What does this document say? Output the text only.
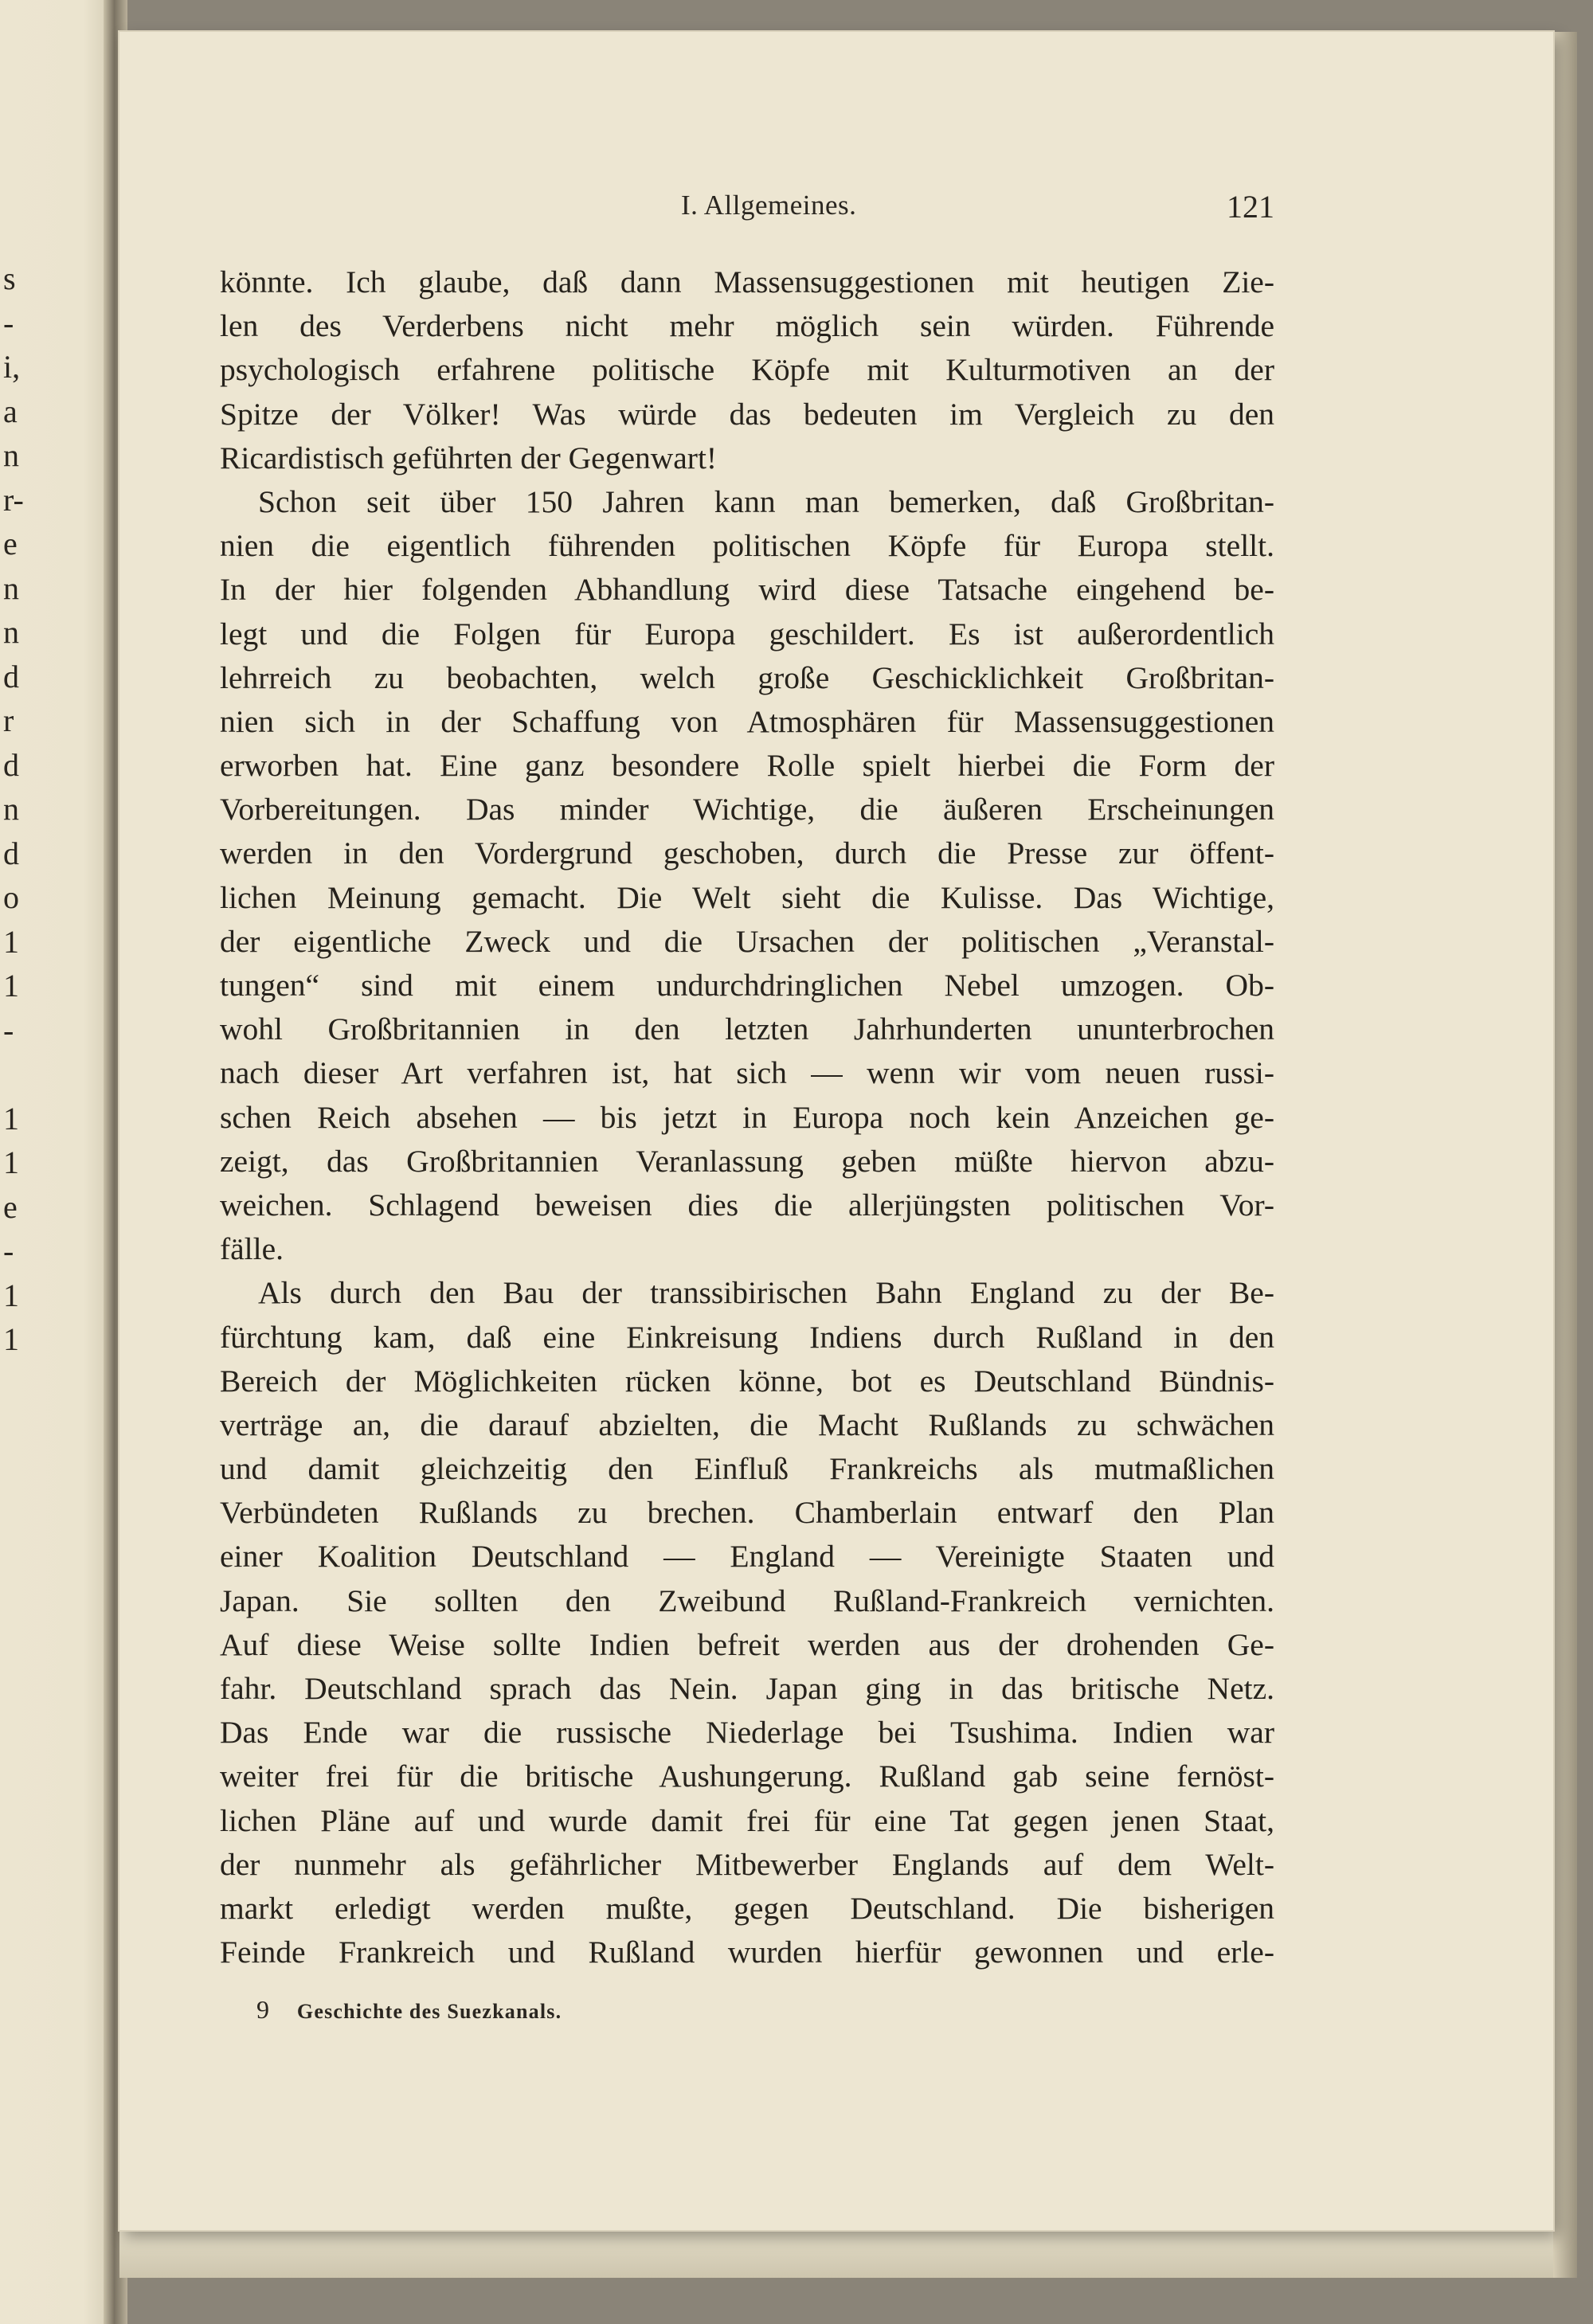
s
-
i,
a
n
r-
e
n
n
d
r
d
n
d
o
1
1
-
1
1
e
-
1
1
I. Allgemeines.	121
könnte. Ich glaube, daß dann Massensuggestionen mit heutigen Zie-
len des Verderbens nicht mehr möglich sein würden. Führende
psychologisch erfahrene politische Köpfe mit Kulturmotiven an der
Spitze der Völker! Was würde das bedeuten im Vergleich zu den
Ricardistisch geführten der Gegenwart!
Schon seit über 150 Jahren kann man bemerken, daß Großbritan-
nien die eigentlich führenden politischen Köpfe für Europa stellt.
In der hier folgenden Abhandlung wird diese Tatsache eingehend be-
legt und die Folgen für Europa geschildert. Es ist außerordentlich
lehrreich zu beobachten, welch große Geschicklichkeit Großbritan-
nien sich in der Schaffung von Atmosphären für Massensuggestionen
erworben hat. Eine ganz besondere Rolle spielt hierbei die Form der
Vorbereitungen. Das minder Wichtige, die äußeren Erscheinungen
werden in den Vordergrund geschoben, durch die Presse zur öffent-
lichen Meinung gemacht. Die Welt sieht die Kulisse. Das Wichtige,
der eigentliche Zweck und die Ursachen der politischen „Veranstal-
tungen“ sind mit einem undurchdringlichen Nebel umzogen. Ob-
wohl Großbritannien in den letzten Jahrhunderten ununterbrochen
nach dieser Art verfahren ist, hat sich — wenn wir vom neuen russi-
schen Reich absehen — bis jetzt in Europa noch kein Anzeichen ge-
zeigt, das Großbritannien Veranlassung geben müßte hiervon abzu-
weichen. Schlagend beweisen dies die allerjüngsten politischen Vor-
fälle.
Als durch den Bau der transsibirischen Bahn England zu der Be-
fürchtung kam, daß eine Einkreisung Indiens durch Rußland in den
Bereich der Möglichkeiten rücken könne, bot es Deutschland Bündnis-
verträge an, die darauf abzielten, die Macht Rußlands zu schwächen
und damit gleichzeitig den Einfluß Frankreichs als mutmaßlichen
Verbündeten Rußlands zu brechen. Chamberlain entwarf den Plan
einer Koalition Deutschland — England — Vereinigte Staaten und
Japan. Sie sollten den Zweibund Rußland-Frankreich vernichten.
Auf diese Weise sollte Indien befreit werden aus der drohenden Ge-
fahr. Deutschland sprach das Nein. Japan ging in das britische Netz.
Das Ende war die russische Niederlage bei Tsushima. Indien war
weiter frei für die britische Aushungerung. Rußland gab seine fernöst-
lichen Pläne auf und wurde damit frei für eine Tat gegen jenen Staat,
der nunmehr als gefährlicher Mitbewerber Englands auf dem Welt-
markt erledigt werden mußte, gegen Deutschland. Die bisherigen
Feinde Frankreich und Rußland wurden hierfür gewonnen und erle-
9 Geschichte des Suezkanals.
